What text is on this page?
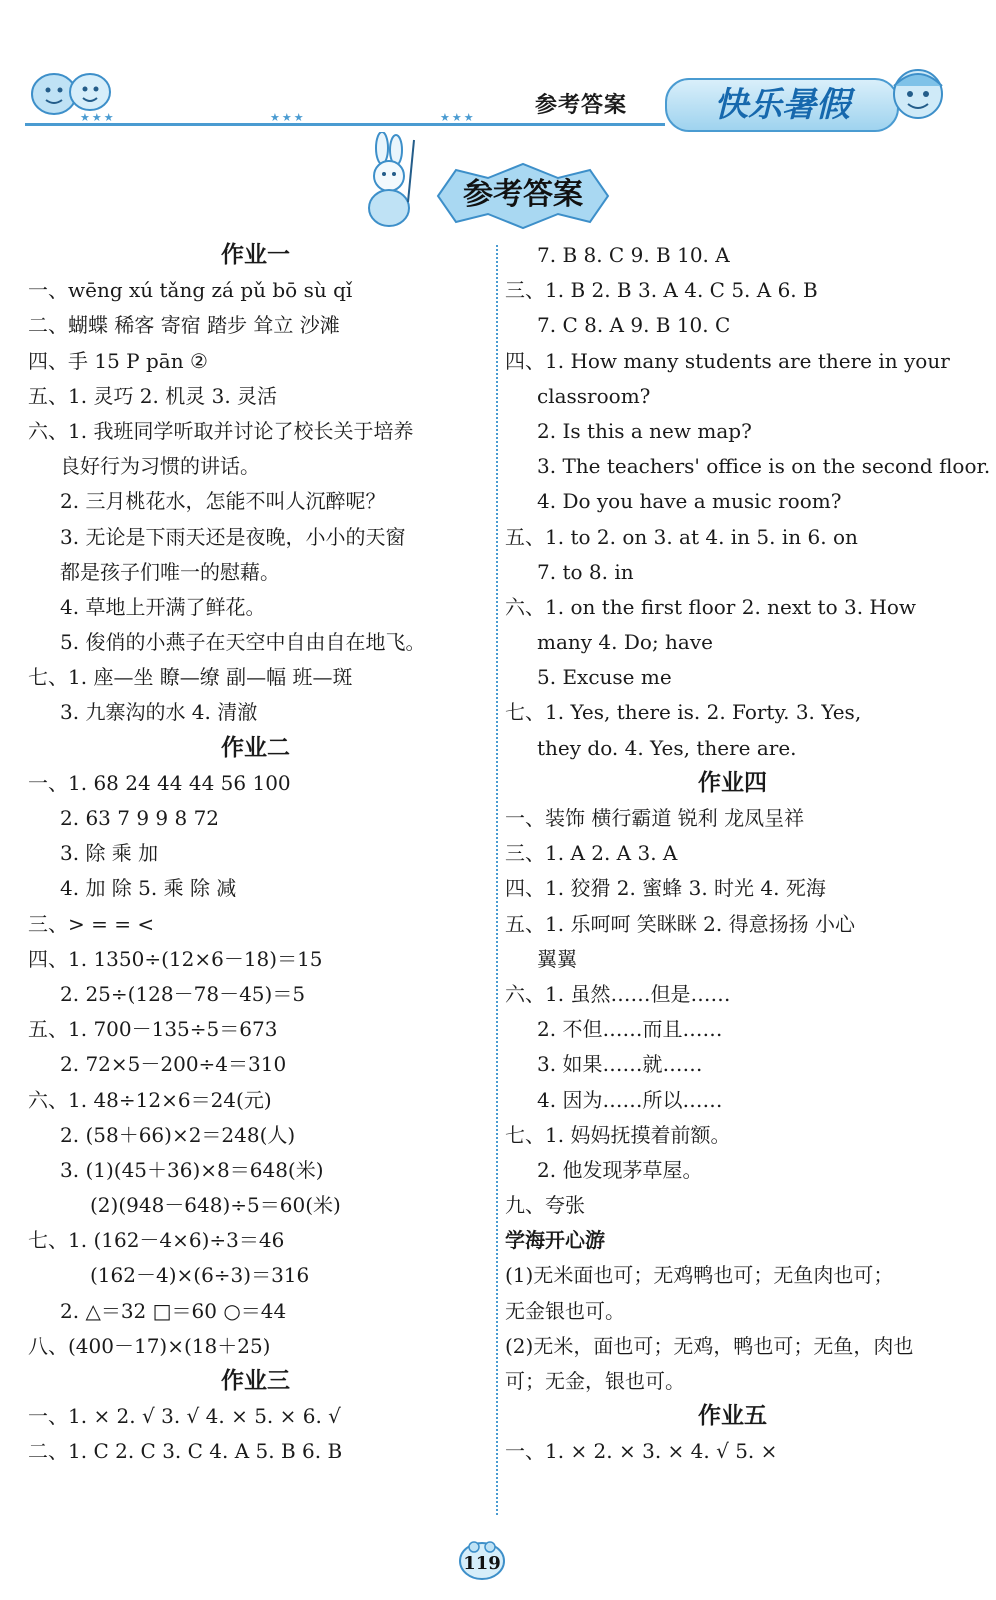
★★★	★★★	★★★	参考答案	快乐暑假
参考答案
作业一
一、wēng xú tǎng zá pǔ bō sù qǐ
二、蝴蝶 稀客 寄宿 踏步 耸立 沙滩
四、手 15 P pān ②
五、1. 灵巧 2. 机灵 3. 灵活
六、1. 我班同学听取并讨论了校长关于培养
良好行为习惯的讲话。
2. 三月桃花水，怎能不叫人沉醉呢？
3. 无论是下雨天还是夜晚，小小的天窗
都是孩子们唯一的慰藉。
4. 草地上开满了鲜花。
5. 俊俏的小燕子在天空中自由自在地飞。
七、1. 座—坐 瞭—缭 副—幅 班—斑
3. 九寨沟的水 4. 清澈
作业二
一、1. 68 24 44 44 56 100
2. 63 7 9 9 8 72
3. 除 乘 加
4. 加 除 5. 乘 除 减
三、> = = <
四、1. 1350÷(12×6－18)＝15
2. 25÷(128－78－45)＝5
五、1. 700－135÷5＝673
2. 72×5－200÷4＝310
六、1. 48÷12×6＝24(元)
2. (58＋66)×2＝248(人)
3. (1)(45＋36)×8＝648(米)
(2)(948－648)÷5＝60(米)
七、1. (162－4×6)÷3＝46
(162－4)×(6÷3)＝316
2. △＝32 □＝60 ○＝44
八、(400－17)×(18＋25)
作业三
一、1. × 2. √ 3. √ 4. × 5. × 6. √
二、1. C 2. C 3. C 4. A 5. B 6. B
7. B 8. C 9. B 10. A
三、1. B 2. B 3. A 4. C 5. A 6. B
7. C 8. A 9. B 10. C
四、1. How many students are there in your
classroom?
2. Is this a new map?
3. The teachers' office is on the second floor.
4. Do you have a music room?
五、1. to 2. on 3. at 4. in 5. in 6. on
7. to 8. in
六、1. on the first floor 2. next to 3. How
many 4. Do; have
5. Excuse me
七、1. Yes, there is. 2. Forty. 3. Yes,
they do. 4. Yes, there are.
作业四
一、装饰 横行霸道 锐利 龙凤呈祥
三、1. A 2. A 3. A
四、1. 狡猾 2. 蜜蜂 3. 时光 4. 死海
五、1. 乐呵呵 笑眯眯 2. 得意扬扬 小心
翼翼
六、1. 虽然……但是……
2. 不但……而且……
3. 如果……就……
4. 因为……所以……
七、1. 妈妈抚摸着前额。
2. 他发现茅草屋。
九、夸张
学海开心游
(1)无米面也可；无鸡鸭也可；无鱼肉也可；
无金银也可。
(2)无米，面也可；无鸡，鸭也可；无鱼，肉也
可；无金，银也可。
作业五
一、1. × 2. × 3. × 4. √ 5. ×
119
